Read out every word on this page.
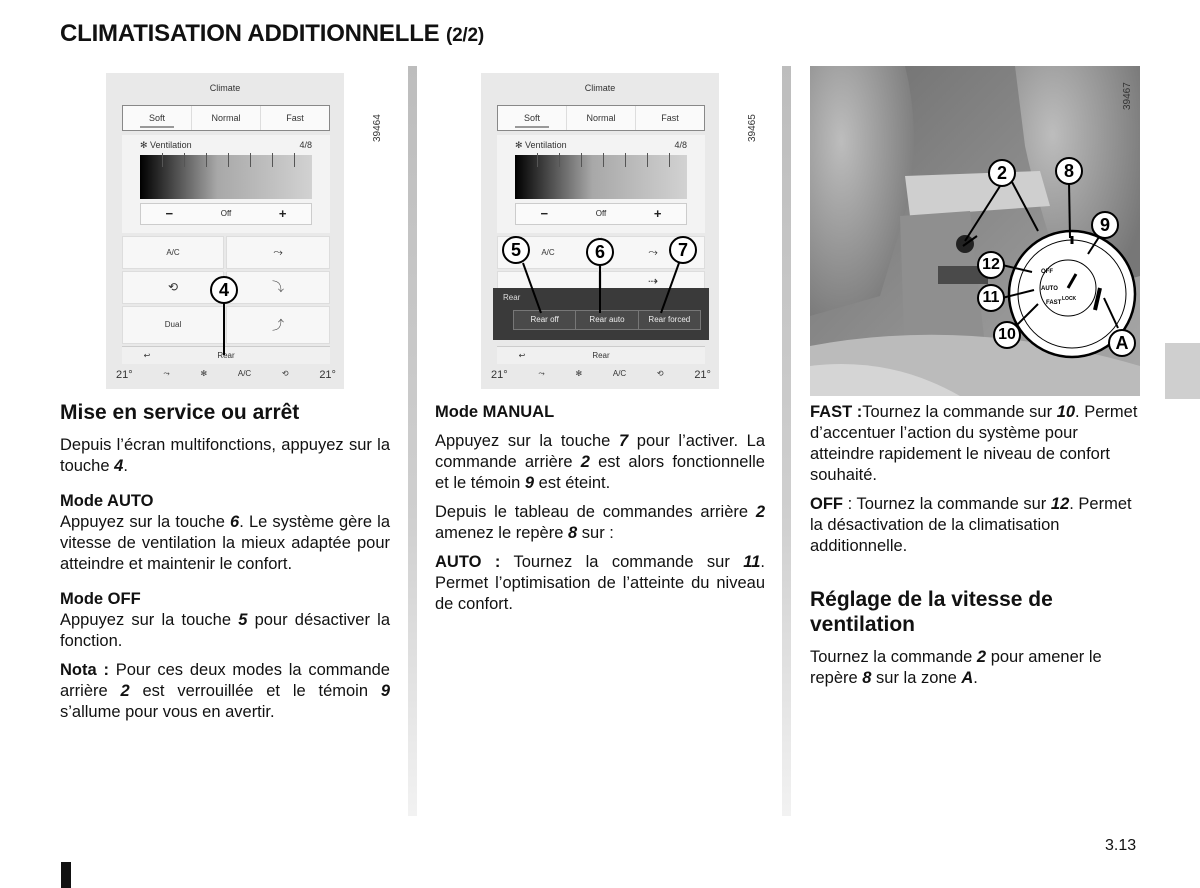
CLIMATISATION ADDITIONNELLE (2/2)
Climate
Soft	Normal	Fast
✻ Ventilation	4/8
−	Off	+
A/C	⤳
⟲	⤵
Dual	⤴
↩	Rear
21°	⤳	✻	A/C	⟲	21°
4
39464
Climate
Soft	Normal	Fast
✻ Ventilation	4/8
−	Off	+
A/C	⤳
⇢
Rear
Rear off	Rear auto	Rear forced
↩	Rear
21°	⤳	✻	A/C	⟲	21°
5	6	7
39465
OFF
AUTO
FAST
LOCK
2	8
9
12
11
10	A
39467
Mise en service ou arrêt

Depuis l’écran multifonctions, appuyez sur la touche 4.

Mode AUTO

Appuyez sur la touche 6. Le système gère la vitesse de ventilation la mieux adaptée pour atteindre et maintenir le confort.

Mode OFF

Appuyez sur la touche 5 pour désactiver la fonction.

Nota : Pour ces deux modes la commande arrière 2 est verrouillée et le témoin 9 s’allume pour vous en avertir.

Mode MANUAL

Appuyez sur la touche 7 pour l’activer. La commande arrière 2 est alors fonctionnelle et le témoin 9 est éteint.

Depuis le tableau de commandes arrière 2 amenez le repère 8 sur :

AUTO : Tournez la commande sur 11. Permet l’optimisation de l’atteinte du niveau de confort.

FAST :Tournez la commande sur 10. Permet d’accentuer l’action du système pour atteindre rapidement le niveau de confort souhaité.

OFF : Tournez la commande sur 12. Permet la désactivation de la climatisation additionnelle.

Réglage de la vitesse de ventilation

Tournez la commande 2 pour amener le repère 8 sur la zone A.

3.13
